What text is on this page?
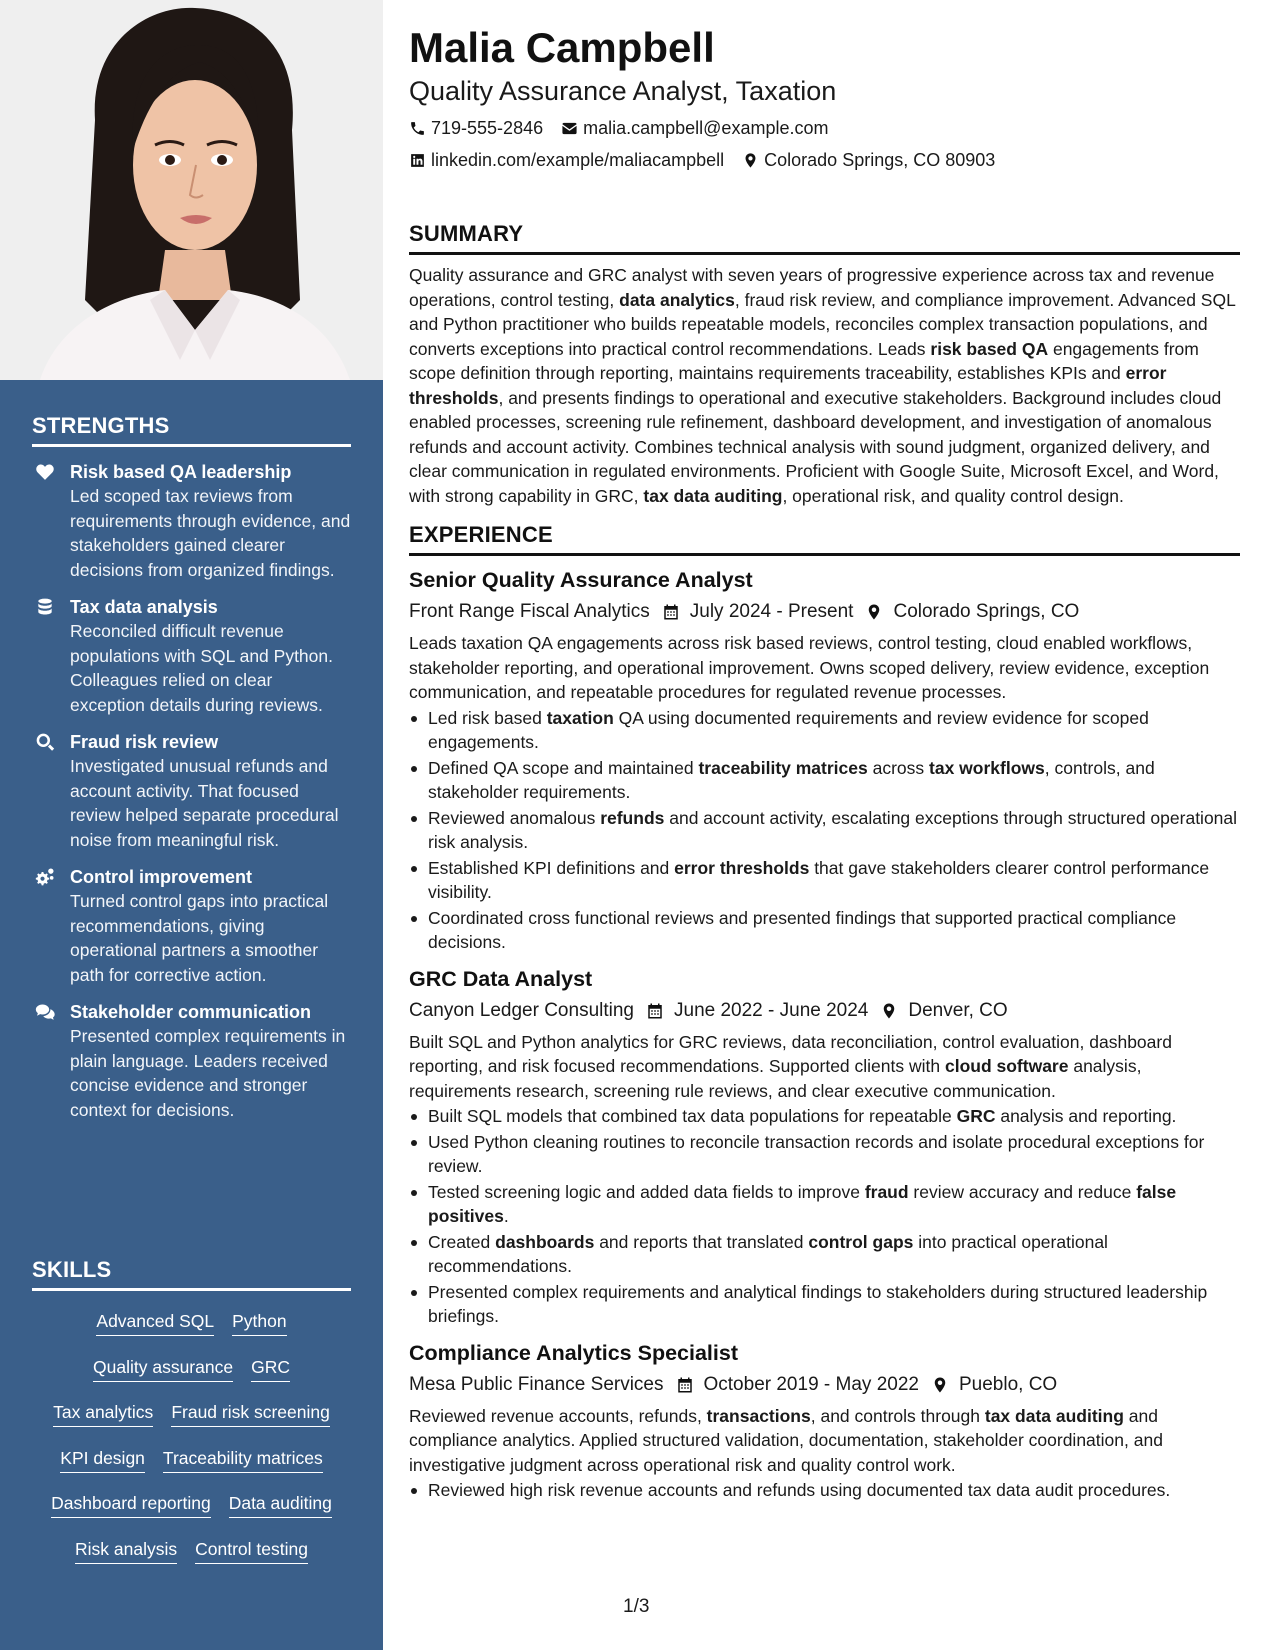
STRENGTHS
Risk based QA leadership
Led scoped tax reviews from requirements through evidence, and stakeholders gained clearer decisions from organized findings.
Tax data analysis
Reconciled difficult revenue populations with SQL and Python. Colleagues relied on clear exception details during reviews.
Fraud risk review
Investigated unusual refunds and account activity. That focused review helped separate procedural noise from meaningful risk.
Control improvement
Turned control gaps into practical recommendations, giving operational partners a smoother path for corrective action.
Stakeholder communication
Presented complex requirements in plain language. Leaders received concise evidence and stronger context for decisions.
SKILLS
Advanced SQL Python
Quality assurance GRC
Tax analytics Fraud risk screening
KPI design Traceability matrices
Dashboard reporting Data auditing
Risk analysis Control testing
Malia Campbell
Quality Assurance Analyst, Taxation
719-555-2846 malia.campbell@example.com
linkedin.com/example/maliacampbell Colorado Springs, CO 80903
SUMMARY

Quality assurance and GRC analyst with seven years of progressive experience across tax and revenue operations, control testing, data analytics, fraud risk review, and compliance improvement. Advanced SQL and Python practitioner who builds repeatable models, reconciles complex transaction populations, and converts exceptions into practical control recommendations. Leads risk based QA engagements from scope definition through reporting, maintains requirements traceability, establishes KPIs and error thresholds, and presents findings to operational and executive stakeholders. Background includes cloud enabled processes, screening rule refinement, dashboard development, and investigation of anomalous refunds and account activity. Combines technical analysis with sound judgment, organized delivery, and clear communication in regulated environments. Proficient with Google Suite, Microsoft Excel, and Word, with strong capability in GRC, tax data auditing, operational risk, and quality control design.

EXPERIENCE
Senior Quality Assurance Analyst
Front Range Fiscal Analytics July 2024 - Present Colorado Springs, CO

Leads taxation QA engagements across risk based reviews, control testing, cloud enabled workflows, stakeholder reporting, and operational improvement. Owns scoped delivery, review evidence, exception communication, and repeatable procedures for regulated revenue processes.

Led risk based taxation QA using documented requirements and review evidence for scoped engagements.
Defined QA scope and maintained traceability matrices across tax workflows, controls, and stakeholder requirements.
Reviewed anomalous refunds and account activity, escalating exceptions through structured operational risk analysis.
Established KPI definitions and error thresholds that gave stakeholders clearer control performance visibility.
Coordinated cross functional reviews and presented findings that supported practical compliance decisions.
GRC Data Analyst
Canyon Ledger Consulting June 2022 - June 2024 Denver, CO

Built SQL and Python analytics for GRC reviews, data reconciliation, control evaluation, dashboard reporting, and risk focused recommendations. Supported clients with cloud software analysis, requirements research, screening rule reviews, and clear executive communication.

Built SQL models that combined tax data populations for repeatable GRC analysis and reporting.
Used Python cleaning routines to reconcile transaction records and isolate procedural exceptions for review.
Tested screening logic and added data fields to improve fraud review accuracy and reduce false positives.
Created dashboards and reports that translated control gaps into practical operational recommendations.
Presented complex requirements and analytical findings to stakeholders during structured leadership briefings.
Compliance Analytics Specialist
Mesa Public Finance Services October 2019 - May 2022 Pueblo, CO

Reviewed revenue accounts, refunds, transactions, and controls through tax data auditing and compliance analytics. Applied structured validation, documentation, stakeholder coordination, and investigative judgment across operational risk and quality control work.

Reviewed high risk revenue accounts and refunds using documented tax data audit procedures.
1/3
